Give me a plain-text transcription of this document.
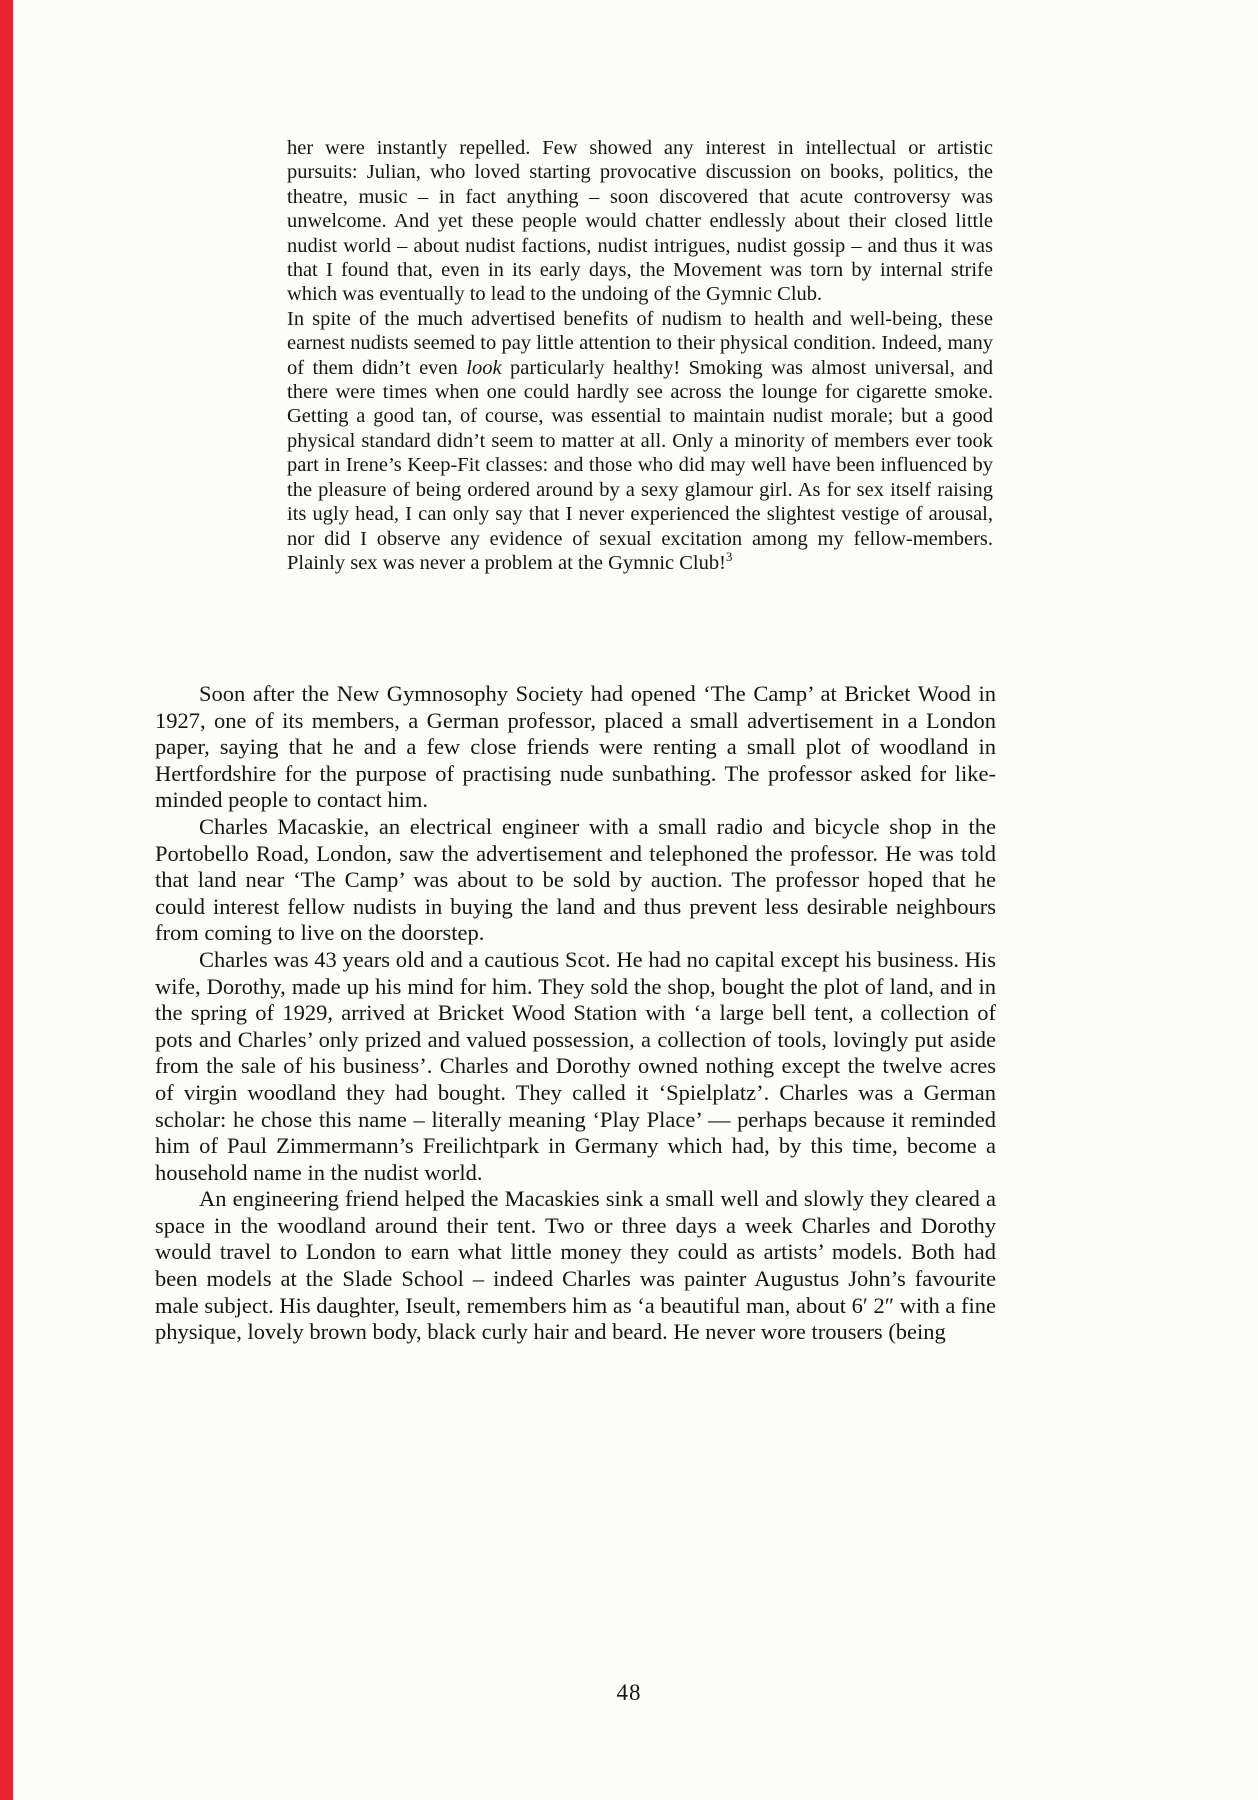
her were instantly repelled. Few showed any interest in intellectual or artistic pursuits: Julian, who loved starting provocative discussion on books, politics, the theatre, music – in fact anything – soon discovered that acute controversy was unwelcome. And yet these people would chatter endlessly about their closed little nudist world – about nudist factions, nudist intrigues, nudist gossip – and thus it was that I found that, even in its early days, the Movement was torn by internal strife which was eventually to lead to the undoing of the Gymnic Club.

In spite of the much advertised benefits of nudism to health and well-being, these earnest nudists seemed to pay little attention to their physical condition. Indeed, many of them didn’t even look particularly healthy! Smoking was almost universal, and there were times when one could hardly see across the lounge for cigarette smoke. Getting a good tan, of course, was essential to maintain nudist morale; but a good physical standard didn’t seem to matter at all. Only a minority of members ever took part in Irene’s Keep-Fit classes: and those who did may well have been influenced by the pleasure of being ordered around by a sexy glamour girl. As for sex itself raising its ugly head, I can only say that I never experienced the slightest vestige of arousal, nor did I observe any evidence of sexual excitation among my fellow-members. Plainly sex was never a problem at the Gymnic Club!$^3$

Soon after the New Gymnosophy Society had opened ‘The Camp’ at Bricket Wood in 1927, one of its members, a German professor, placed a small advertisement in a London paper, saying that he and a few close friends were renting a small plot of woodland in Hertfordshire for the purpose of practising nude sunbathing. The professor asked for like-minded people to contact him.

Charles Macaskie, an electrical engineer with a small radio and bicycle shop in the Portobello Road, London, saw the advertisement and telephoned the professor. He was told that land near ‘The Camp’ was about to be sold by auction. The professor hoped that he could interest fellow nudists in buying the land and thus prevent less desirable neighbours from coming to live on the doorstep.

Charles was 43 years old and a cautious Scot. He had no capital except his business. His wife, Dorothy, made up his mind for him. They sold the shop, bought the plot of land, and in the spring of 1929, arrived at Bricket Wood Station with ‘a large bell tent, a collection of pots and Charles’ only prized and valued possession, a collection of tools, lovingly put aside from the sale of his business’. Charles and Dorothy owned nothing except the twelve acres of virgin woodland they had bought. They called it ‘Spielplatz’. Charles was a German scholar: he chose this name – literally meaning ‘Play Place’ — perhaps because it reminded him of Paul Zimmermann’s Freilichtpark in Germany which had, by this time, become a household name in the nudist world.

An engineering friend helped the Macaskies sink a small well and slowly they cleared a space in the woodland around their tent. Two or three days a week Charles and Dorothy would travel to London to earn what little money they could as artists’ models. Both had been models at the Slade School – indeed Charles was painter Augustus John’s favourite male subject. His daughter, Iseult, remembers him as ‘a beautiful man, about 6′ 2″ with a fine physique, lovely brown body, black curly hair and beard. He never wore trousers (being

48
